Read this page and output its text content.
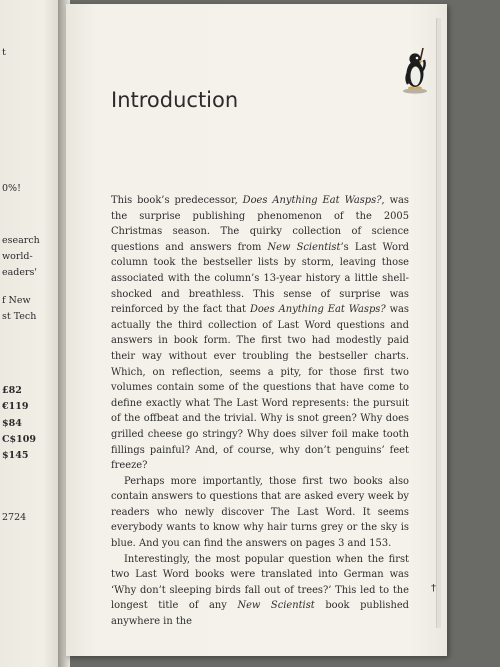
t
0%!
esearch
world-
eaders'
f New
st Tech
£82
€119
$84
C$109
$145
2724
Introduction

This book’s predecessor, Does Anything Eat Wasps?, was the surprise publishing phenomenon of the 2005 Christmas season. The quirky collection of science questions and answers from New Scientist’s Last Word column took the bestseller lists by storm, leaving those associated with the column’s 13-year history a little shell-shocked and breathless. This sense of surprise was reinforced by the fact that Does Anything Eat Wasps? was actually the third collection of Last Word questions and answers in book form. The first two had modestly paid their way without ever troubling the bestseller charts. Which, on reflection, seems a pity, for those first two volumes contain some of the questions that have come to define exactly what The Last Word represents: the pursuit of the offbeat and the trivial. Why is snot green? Why does grilled cheese go stringy? Why does silver foil make tooth fillings painful? And, of course, why don’t penguins’ feet freeze?

Perhaps more importantly, those first two books also contain answers to questions that are asked every week by readers who newly discover The Last Word. It seems everybody wants to know why hair turns grey or the sky is blue. And you can find the answers on pages 3 and 153.

Interestingly, the most popular question when the first two Last Word books were translated into German was ‘Why don’t sleeping birds fall out of trees?’ This led to the longest title of any New Scientist book published anywhere in the

†
